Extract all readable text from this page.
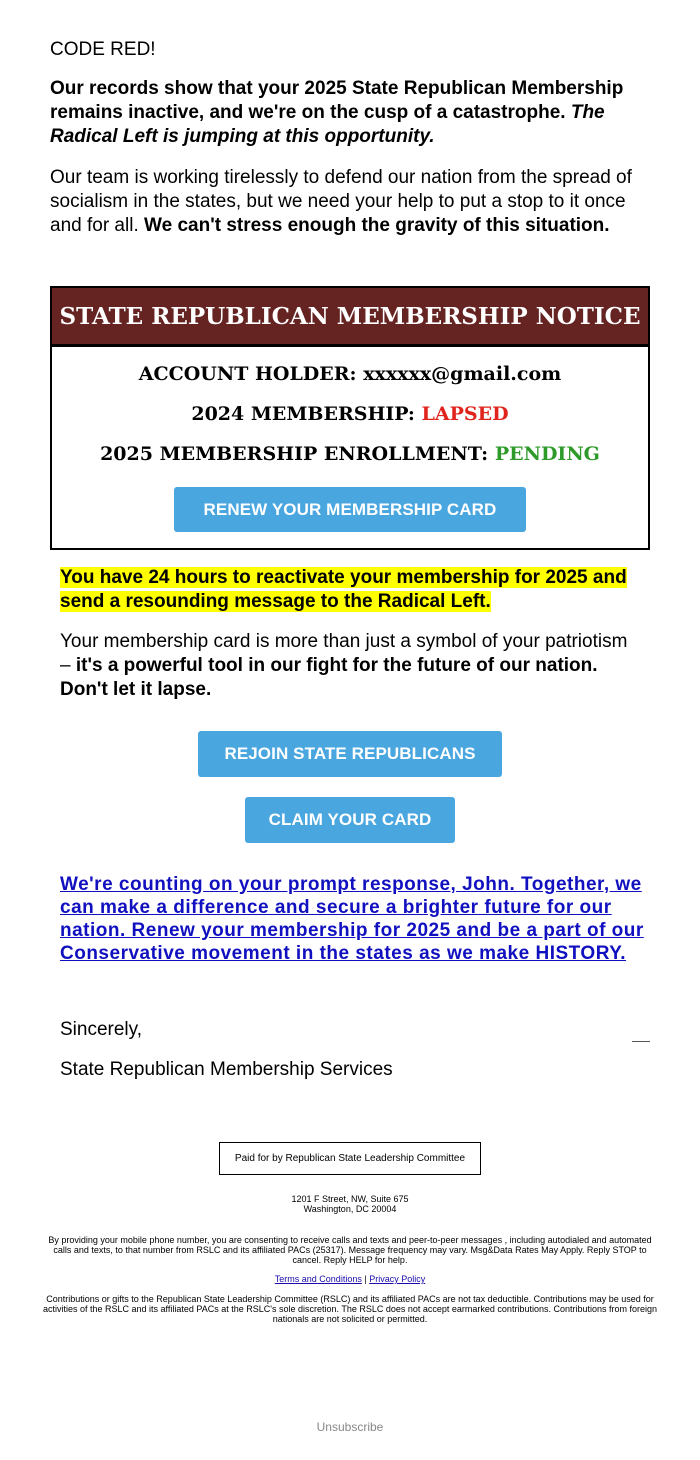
CODE RED!

Our records show that your 2025 State Republican Membership remains inactive, and we're on the cusp of a catastrophe. The Radical Left is jumping at this opportunity.

Our team is working tirelessly to defend our nation from the spread of socialism in the states, but we need your help to put a stop to it once and for all. We can't stress enough the gravity of this situation.

STATE REPUBLICAN MEMBERSHIP NOTICE
ACCOUNT HOLDER: xxxxxx@gmail.com
2024 MEMBERSHIP: LAPSED
2025 MEMBERSHIP ENROLLMENT: PENDING
RENEW YOUR MEMBERSHIP CARD

You have 24 hours to reactivate your membership for 2025 and send a resounding message to the Radical Left.

Your membership card is more than just a symbol of your patriotism – it's a powerful tool in our fight for the future of our nation. Don't let it lapse.

REJOIN STATE REPUBLICANS
CLAIM YOUR CARD
We're counting on your prompt response, John. Together, we can make a difference and secure a brighter future for our nation. Renew your membership for 2025 and be a part of our Conservative movement in the states as we make HISTORY.

Sincerely,

State Republican Membership Services

Paid for by Republican State Leadership Committee
1201 F Street, NW, Suite 675
Washington, DC 20004
By providing your mobile phone number, you are consenting to receive calls and texts and peer-to-peer messages , including autodialed and automated calls and texts, to that number from RSLC and its affiliated PACs (25317). Message frequency may vary. Msg&Data Rates May Apply. Reply STOP to cancel. Reply HELP for help.
Terms and Conditions | Privacy Policy
Contributions or gifts to the Republican State Leadership Committee (RSLC) and its affiliated PACs are not tax deductible. Contributions may be used for activities of the RSLC and its affiliated PACs at the RSLC's sole discretion. The RSLC does not accept earmarked contributions. Contributions from foreign nationals are not solicited or permitted.
Unsubscribe
